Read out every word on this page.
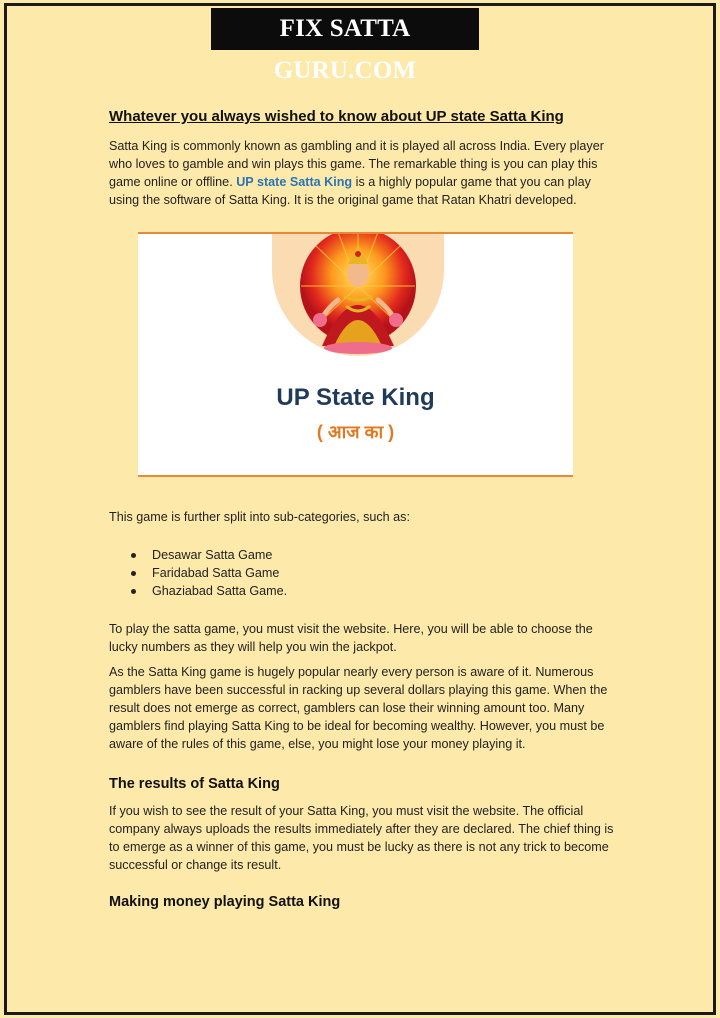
FIX SATTA GURU.COM
Whatever you always wished to know about UP state Satta King

Satta King is commonly known as gambling and it is played all across India. Every player who loves to gamble and win plays this game. The remarkable thing is you can play this game online or offline. UP state Satta King is a highly popular game that you can play using the software of Satta King. It is the original game that Ratan Khatri developed.

UP State King
( आज का )

This game is further split into sub-categories, such as:

Desawar Satta Game
Faridabad Satta Game
Ghaziabad Satta Game.

To play the satta game, you must visit the website. Here, you will be able to choose the lucky numbers as they will help you win the jackpot.

As the Satta King game is hugely popular nearly every person is aware of it. Numerous gamblers have been successful in racking up several dollars playing this game. When the result does not emerge as correct, gamblers can lose their winning amount too. Many gamblers find playing Satta King to be ideal for becoming wealthy. However, you must be aware of the rules of this game, else, you might lose your money playing it.

The results of Satta King

If you wish to see the result of your Satta King, you must visit the website. The official company always uploads the results immediately after they are declared. The chief thing is to emerge as a winner of this game, you must be lucky as there is not any trick to become successful or change its result.

Making money playing Satta King
